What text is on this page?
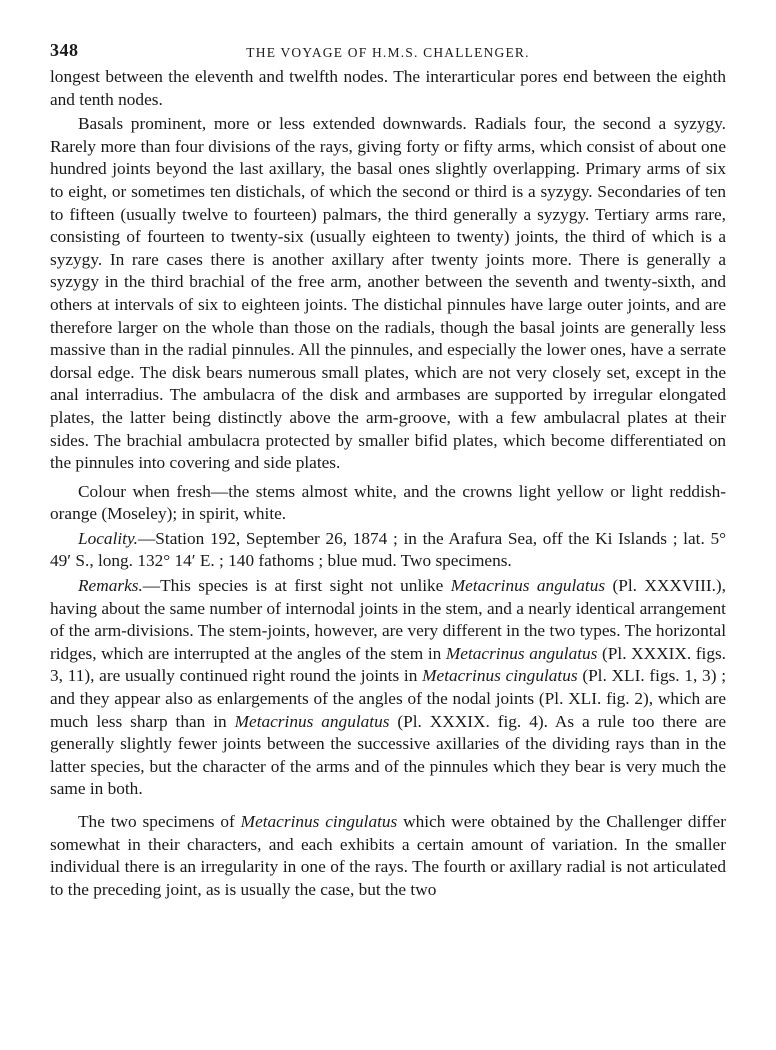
348	THE VOYAGE OF H.M.S. CHALLENGER.

longest between the eleventh and twelfth nodes. The interarticular pores end between the eighth and tenth nodes.

Basals prominent, more or less extended downwards. Radials four, the second a syzygy. Rarely more than four divisions of the rays, giving forty or fifty arms, which consist of about one hundred joints beyond the last axillary, the basal ones slightly overlapping. Primary arms of six to eight, or sometimes ten distichals, of which the second or third is a syzygy. Secondaries of ten to fifteen (usually twelve to fourteen) palmars, the third generally a syzygy. Tertiary arms rare, consisting of fourteen to twenty-six (usually eighteen to twenty) joints, the third of which is a syzygy. In rare cases there is another axillary after twenty joints more. There is generally a syzygy in the third brachial of the free arm, another between the seventh and twenty-sixth, and others at intervals of six to eighteen joints. The distichal pinnules have large outer joints, and are therefore larger on the whole than those on the radials, though the basal joints are generally less massive than in the radial pinnules. All the pinnules, and especially the lower ones, have a serrate dorsal edge. The disk bears numerous small plates, which are not very closely set, except in the anal interradius. The ambulacra of the disk and armbases are supported by irregular elongated plates, the latter being distinctly above the arm-groove, with a few ambulacral plates at their sides. The brachial ambulacra protected by smaller bifid plates, which become differentiated on the pinnules into covering and side plates.

Colour when fresh—the stems almost white, and the crowns light yellow or light reddish-orange (Moseley); in spirit, white.

Locality.—Station 192, September 26, 1874 ; in the Arafura Sea, off the Ki Islands ; lat. 5° 49′ S., long. 132° 14′ E. ; 140 fathoms ; blue mud. Two specimens.

Remarks.—This species is at first sight not unlike Metacrinus angulatus (Pl. XXXVIII.), having about the same number of internodal joints in the stem, and a nearly identical arrangement of the arm-divisions. The stem-joints, however, are very different in the two types. The horizontal ridges, which are interrupted at the angles of the stem in Metacrinus angulatus (Pl. XXXIX. figs. 3, 11), are usually continued right round the joints in Metacrinus cingulatus (Pl. XLI. figs. 1, 3) ; and they appear also as enlargements of the angles of the nodal joints (Pl. XLI. fig. 2), which are much less sharp than in Metacrinus angulatus (Pl. XXXIX. fig. 4). As a rule too there are generally slightly fewer joints between the successive axillaries of the dividing rays than in the latter species, but the character of the arms and of the pinnules which they bear is very much the same in both.

The two specimens of Metacrinus cingulatus which were obtained by the Challenger differ somewhat in their characters, and each exhibits a certain amount of variation. In the smaller individual there is an irregularity in one of the rays. The fourth or axillary radial is not articulated to the preceding joint, as is usually the case, but the two
